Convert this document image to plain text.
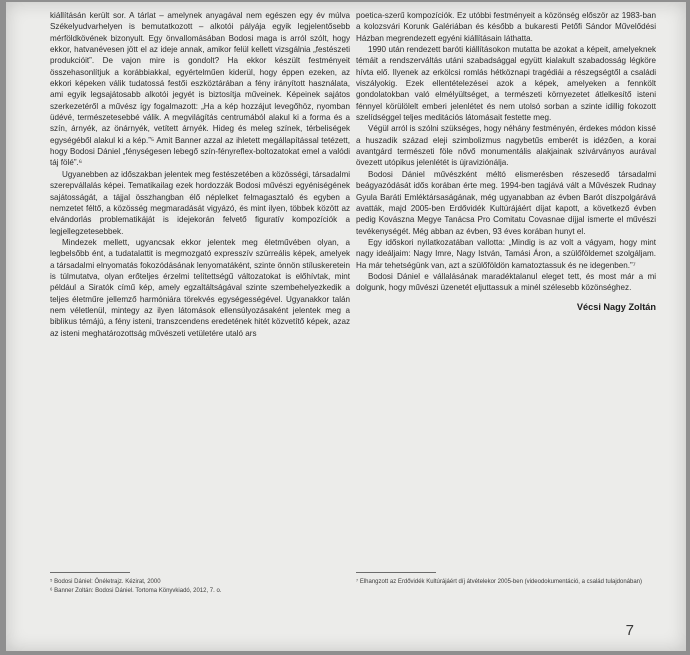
kiállításán került sor. A tárlat – amelynek anyagával nem egészen egy év múlva Székelyudvarhelyen is bemutatkozott – alkotói pályája egyik legjelentősebb mérföldkövének bizonyult. Egy önvallomásában Bodosi maga is arról szólt, hogy ekkor, hatvanévesen jött el az ideje annak, amikor felül kellett vizsgálnia „festészeti produkcióit”. De vajon mire is gondolt? Ha ekkor készült festményeit összehasonlítjuk a korábbiakkal, egyértelműen kiderül, hogy éppen ezeken, az ekkori képeken válik tudatossá festői eszköztárában a fény irányított használata, ami egyik legsajátosabb alkotói jegyét is biztosítja műveinek. Képeinek sajátos szerkezetéről a művész így fogalmazott: „Ha a kép hozzájut levegőhöz, nyomban üdévé, természetesebbé válik. A megvilágítás centrumából alakul ki a forma és a szín, árnyék, az önárnyék, vetített árnyék. Hideg és meleg színek, térbeliségek egységéből alakul ki a kép.”⁵ Amit Banner azzal az ihletett megállapítással tetézett, hogy Bodosi Dániel „fénységesen lebegő szín-fényreflex-boltozatokat emel a valódi táj fölé”.⁶

Ugyanebben az időszakban jelentek meg festészetében a közösségi, társadalmi szerepvállalás képei. Tematikailag ezek hordozzák Bodosi művészi egyéniségének sajátosságát, a tájjal összhangban élő néplelket felmagasztaló és egyben a nemzetet féltő, a közösség megmaradását vigyázó, és mint ilyen, többek között az elvándorlás problematikáját is idejekorán felvető figuratív kompozíciók a legjellegzetesebbek.

Mindezek mellett, ugyancsak ekkor jelentek meg életművében olyan, a legbelsőbb ént, a tudatalattit is megmozgató expresszív szürreális képek, amelyek a társadalmi elnyomatás fokozódásának lenyomatáként, szinte önnön stíluskeretein is túlmutatva, olyan erőteljes érzelmi telítettségű változatokat is előhívtak, mint például a Siratók című kép, amely egzaltáltságával szinte szembehelyezkedik a teljes életműre jellemző harmóniára törekvés egységességével. Ugyanakkor talán nem véletlenül, mintegy az ilyen látomások ellensúlyozásaként jelentek meg a biblikus témájú, a fény isteni, transzcendens eredetének hitét közvetítő képek, azaz az isteni meghatározottság művészeti vetületére utaló ars

poetica-szerű kompozíciók. Ez utóbbi festményeit a közönség először az 1983-ban a kolozsvári Korunk Galériában és később a bukaresti Petőfi Sándor Művelődési Házban megrendezett egyéni kiállításain láthatta.

1990 után rendezett baróti kiállításokon mutatta be azokat a képeit, amelyeknek témáit a rendszerváltás utáni szabadsággal együtt kialakult szabadosság légköre hívta elő. Ilyenek az erkölcsi romlás hétköznapi tragédiái a részegségtől a családi viszályokig. Ezek ellentételezései azok a képek, amelyeken a fennkölt gondolatokban való elmélyültséget, a természeti környezetet átlelkesítő isteni fénnyel körülölelt emberi jelenlétet és nem utolsó sorban a szinte idillig fokozott szelídséggel teljes meditációs látomásait festette meg.

Végül arról is szólni szükséges, hogy néhány festményén, érdekes módon kissé a huszadik század eleji szimbolizmus nagybetűs emberét is idézően, a korai avantgárd természeti föle nővő monumentális alakjainak szivárványos aurával övezett utópikus jelenlétét is újraviziónálja.

Bodosi Dániel művészként méltó elismerésben részesedő társadalmi beágyazódását idős korában érte meg. 1994-ben tagjává vált a Művészek Rudnay Gyula Baráti Emléktársaságának, még ugyanabban az évben Barót díszpolgárává avatták, majd 2005-ben Erdővidék Kultúrájáért díjat kapott, a következő évben pedig Kovászna Megye Tanácsa Pro Comitatu Covasnae díjjal ismerte el művészi tevékenységét. Még abban az évben, 93 éves korában hunyt el.

Egy időskori nyilatkozatában vallotta: „Mindig is az volt a vágyam, hogy mint nagy ideáljaim: Nagy Imre, Nagy István, Tamási Áron, a szülőföldemet szolgáljam. Ha már tehetségünk van, azt a szülőföldön kamatoztassuk és ne idegenben.”⁷

Bodosi Dániel e vállalásának maradéktalanul eleget tett, és most már a mi dolgunk, hogy művészi üzenetét eljuttassuk a minél szélesebb közönséghez.

Vécsi Nagy Zoltán
⁵ Bodosi Dániel: Önéletrajz. Kézirat, 2000
⁶ Banner Zoltán: Bodosi Dániel. Tortoma Könyvkiadó, 2012, 7. o.
⁷ Elhangzott az Erdővidék Kultúrájáért díj átvételekor 2005-ben (videodokumentáció, a család tulajdonában)
7
